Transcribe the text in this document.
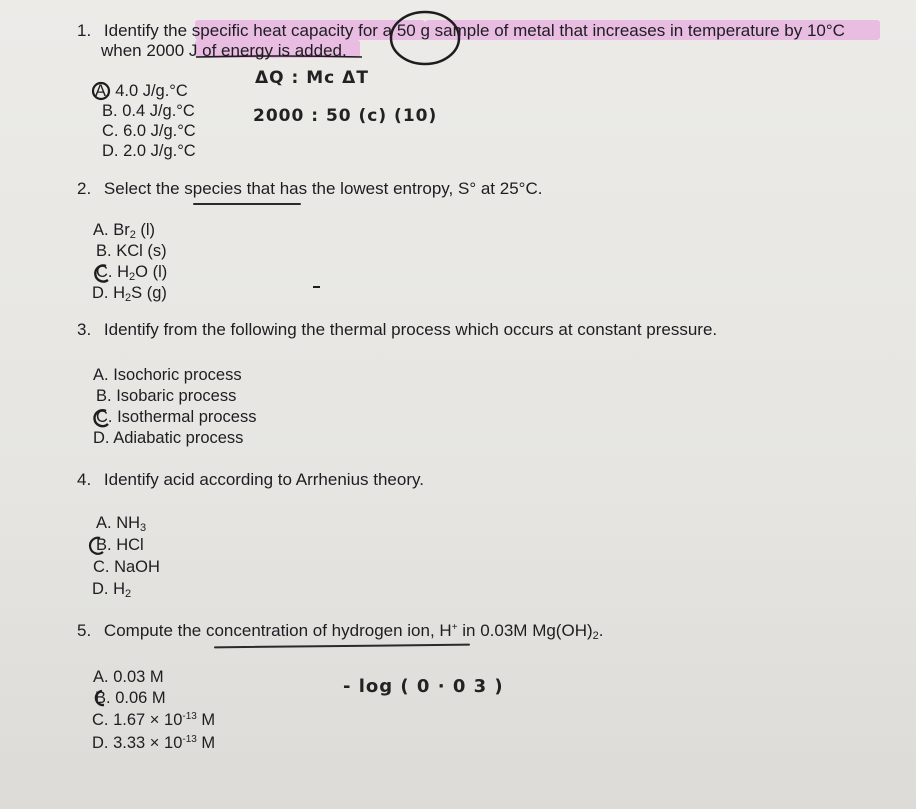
1. Identify the specific heat capacity for a 50 g sample of metal that increases in temperature by 10°C
when 2000 J of energy is added.
A. 4.0 J/g.°C
B. 0.4 J/g.°C
C. 6.0 J/g.°C
D. 2.0 J/g.°C
ΔQ : Mc ΔT
2000 : 50 (c) (10)
2. Select the species that has the lowest entropy, S° at 25°C.
A. $Br_2$ (l)
B. KCl (s)
C. $H_2O$ (l)
D. $H_2S$ (g)
3. Identify from the following the thermal process which occurs at constant pressure.
A. Isochoric process
B. Isobaric process
C. Isothermal process
D. Adiabatic process
4. Identify acid according to Arrhenius theory.
A. $NH_3$
B. HCl
C. NaOH
D. $H_2$
5. Compute the concentration of hydrogen ion, H+ in 0.03M $Mg(OH)_2$.
A. 0.03 M
B. 0.06 M
C. $1.67 \times 10^{-13}$ M
D. $3.33 \times 10^{-13}$ M
- log ( 0 · 0 3 )
